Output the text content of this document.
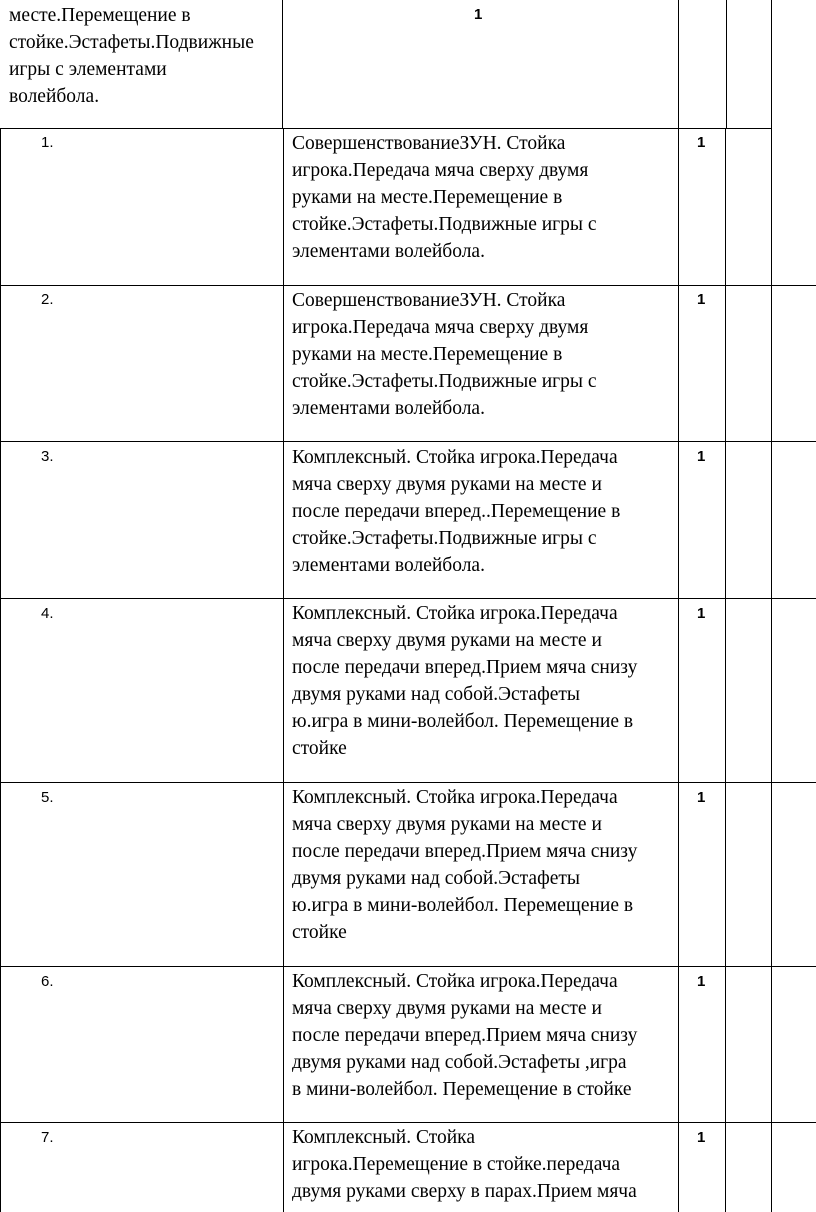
месте.Перемещение в
стойке.Эстафеты.Подвижные
игры с элементами
волейбола.
1
1.	СовершенствованиеЗУН. Стойка
игрока.Передача мяча сверху двумя
руками на месте.Перемещение в
стойке.Эстафеты.Подвижные игры с
элементами волейбола.
1
2.	СовершенствованиеЗУН. Стойка
игрока.Передача мяча сверху двумя
руками на месте.Перемещение в
стойке.Эстафеты.Подвижные игры с
элементами волейбола.
1
3.	Комплексный. Стойка игрока.Передача
мяча сверху двумя руками на месте и
после передачи вперед..Перемещение в
стойке.Эстафеты.Подвижные игры с
элементами волейбола.
1
4.	Комплексный. Стойка игрока.Передача
мяча сверху двумя руками на месте и
после передачи вперед.Прием мяча снизу
двумя руками над собой.Эстафеты
ю.игра в мини-волейбол. Перемещение в
стойке
1
5.	Комплексный. Стойка игрока.Передача
мяча сверху двумя руками на месте и
после передачи вперед.Прием мяча снизу
двумя руками над собой.Эстафеты
ю.игра в мини-волейбол. Перемещение в
стойке
1
6.	Комплексный. Стойка игрока.Передача
мяча сверху двумя руками на месте и
после передачи вперед.Прием мяча снизу
двумя руками над собой.Эстафеты ,игра
в мини-волейбол. Перемещение в стойке
1
7.	Комплексный. Стойка
игрока.Перемещение в стойке.передача
двумя руками сверху в парах.Прием мяча
1
